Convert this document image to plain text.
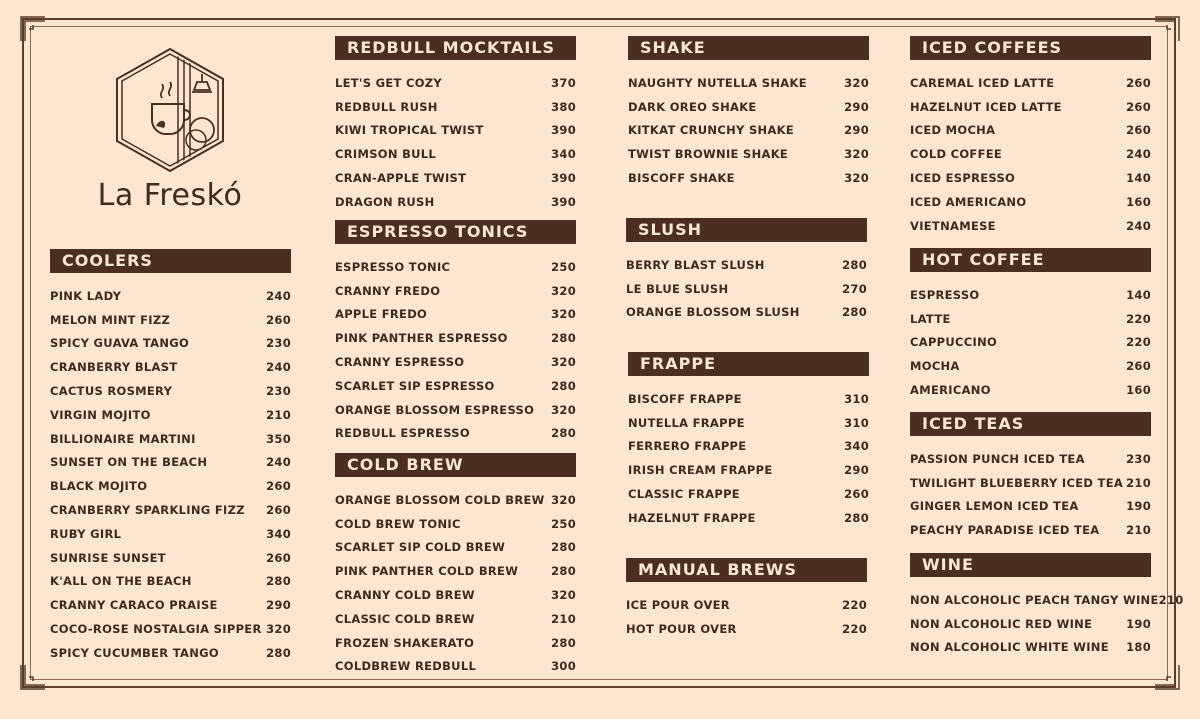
La Freskó
COOLERS
PINK LADY	240
MELON MINT FIZZ	260
SPICY GUAVA TANGO	230
CRANBERRY BLAST	240
CACTUS ROSMERY	230
VIRGIN MOJITO	210
BILLIONAIRE MARTINI	350
SUNSET ON THE BEACH	240
BLACK MOJITO	260
CRANBERRY SPARKLING FIZZ 260
RUBY GIRL	340
SUNRISE SUNSET	260
K'ALL ON THE BEACH	280
CRANNY CARACO PRAISE	290
COCO-ROSE NOSTALGIA SIPPER 320
SPICY CUCUMBER TANGO	280
REDBULL MOCKTAILS
LET'S GET COZY	370
REDBULL RUSH	380
KIWI TROPICAL TWIST	390
CRIMSON BULL	340
CRAN-APPLE TWIST	390
DRAGON RUSH	390
ESPRESSO TONICS
ESPRESSO TONIC	250
CRANNY FREDO	320
APPLE FREDO	320
PINK PANTHER ESPRESSO	280
CRANNY ESPRESSO	320
SCARLET SIP ESPRESSO	280
ORANGE BLOSSOM ESPRESSO 320
REDBULL ESPRESSO	280
COLD BREW
ORANGE BLOSSOM COLD BREW 320
COLD BREW TONIC	250
SCARLET SIP COLD BREW	280
PINK PANTHER COLD BREW	280
CRANNY COLD BREW	320
CLASSIC COLD BREW	210
FROZEN SHAKERATO	280
COLDBREW REDBULL	300
SHAKE
NAUGHTY NUTELLA SHAKE	320
DARK OREO SHAKE	290
KITKAT CRUNCHY SHAKE	290
TWIST BROWNIE SHAKE	320
BISCOFF SHAKE	320
SLUSH
BERRY BLAST SLUSH	280
LE BLUE SLUSH	270
ORANGE BLOSSOM SLUSH	280
FRAPPE
BISCOFF FRAPPE	310
NUTELLA FRAPPE	310
FERRERO FRAPPE	340
IRISH CREAM FRAPPE	290
CLASSIC FRAPPE	260
HAZELNUT FRAPPE	280
MANUAL BREWS
ICE POUR OVER	220
HOT POUR OVER	220
ICED COFFEES
CAREMAL ICED LATTE	260
HAZELNUT ICED LATTE	260
ICED MOCHA	260
COLD COFFEE	240
ICED ESPRESSO	140
ICED AMERICANO	160
VIETNAMESE	240
HOT COFFEE
ESPRESSO	140
LATTE	220
CAPPUCCINO	220
MOCHA	260
AMERICANO	160
ICED TEAS
PASSION PUNCH ICED TEA	230
TWILIGHT BLUEBERRY ICED TEA 210
GINGER LEMON ICED TEA	190
PEACHY PARADISE ICED TEA 210
WINE
NON ALCOHOLIC PEACH TANGY WINE 210
NON ALCOHOLIC RED WINE	190
NON ALCOHOLIC WHITE WINE 180
